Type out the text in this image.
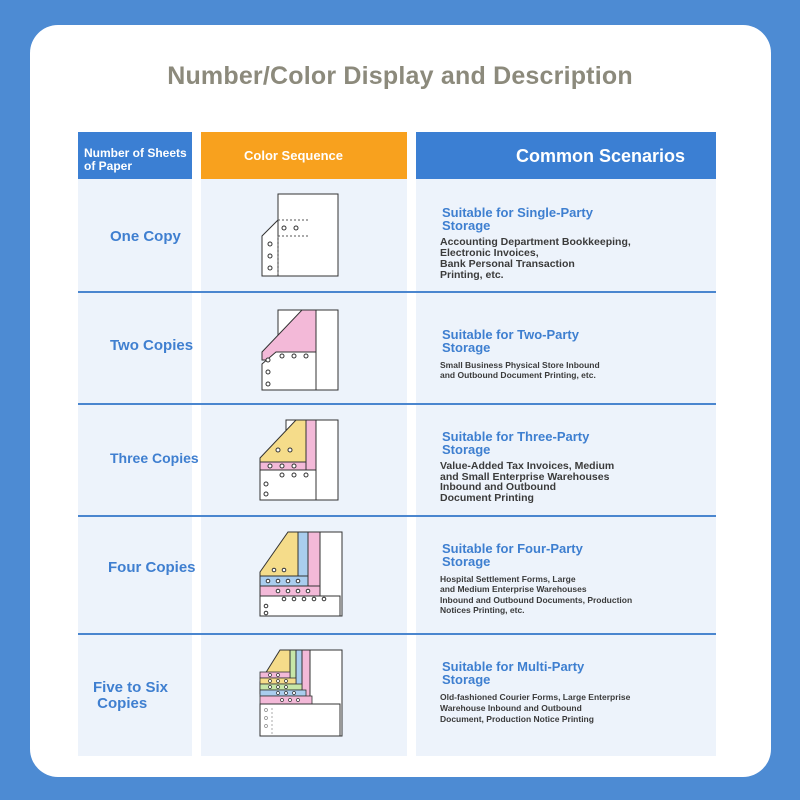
Number/Color Display and Description
Number of Sheets
of Paper
Color Sequence	Common Scenarios
One Copy
Suitable for Single-Party
Storage
Accounting Department Bookkeeping,
Electronic Invoices,
Bank Personal Transaction
Printing, etc.
Two Copies
Suitable for Two-Party
Storage
Small Business Physical Store Inbound
and Outbound Document Printing, etc.
Three Copies
Suitable for Three-Party
Storage
Value-Added Tax Invoices, Medium
and Small Enterprise Warehouses
Inbound and Outbound
Document Printing
Four Copies
Suitable for Four-Party
Storage
Hospital Settlement Forms, Large
and Medium Enterprise Warehouses
Inbound and Outbound Documents, Production
Notices Printing, etc.
Five to Six
Copies
Suitable for Multi-Party
Storage
Old-fashioned Courier Forms, Large Enterprise
Warehouse Inbound and Outbound
Document, Production Notice Printing
